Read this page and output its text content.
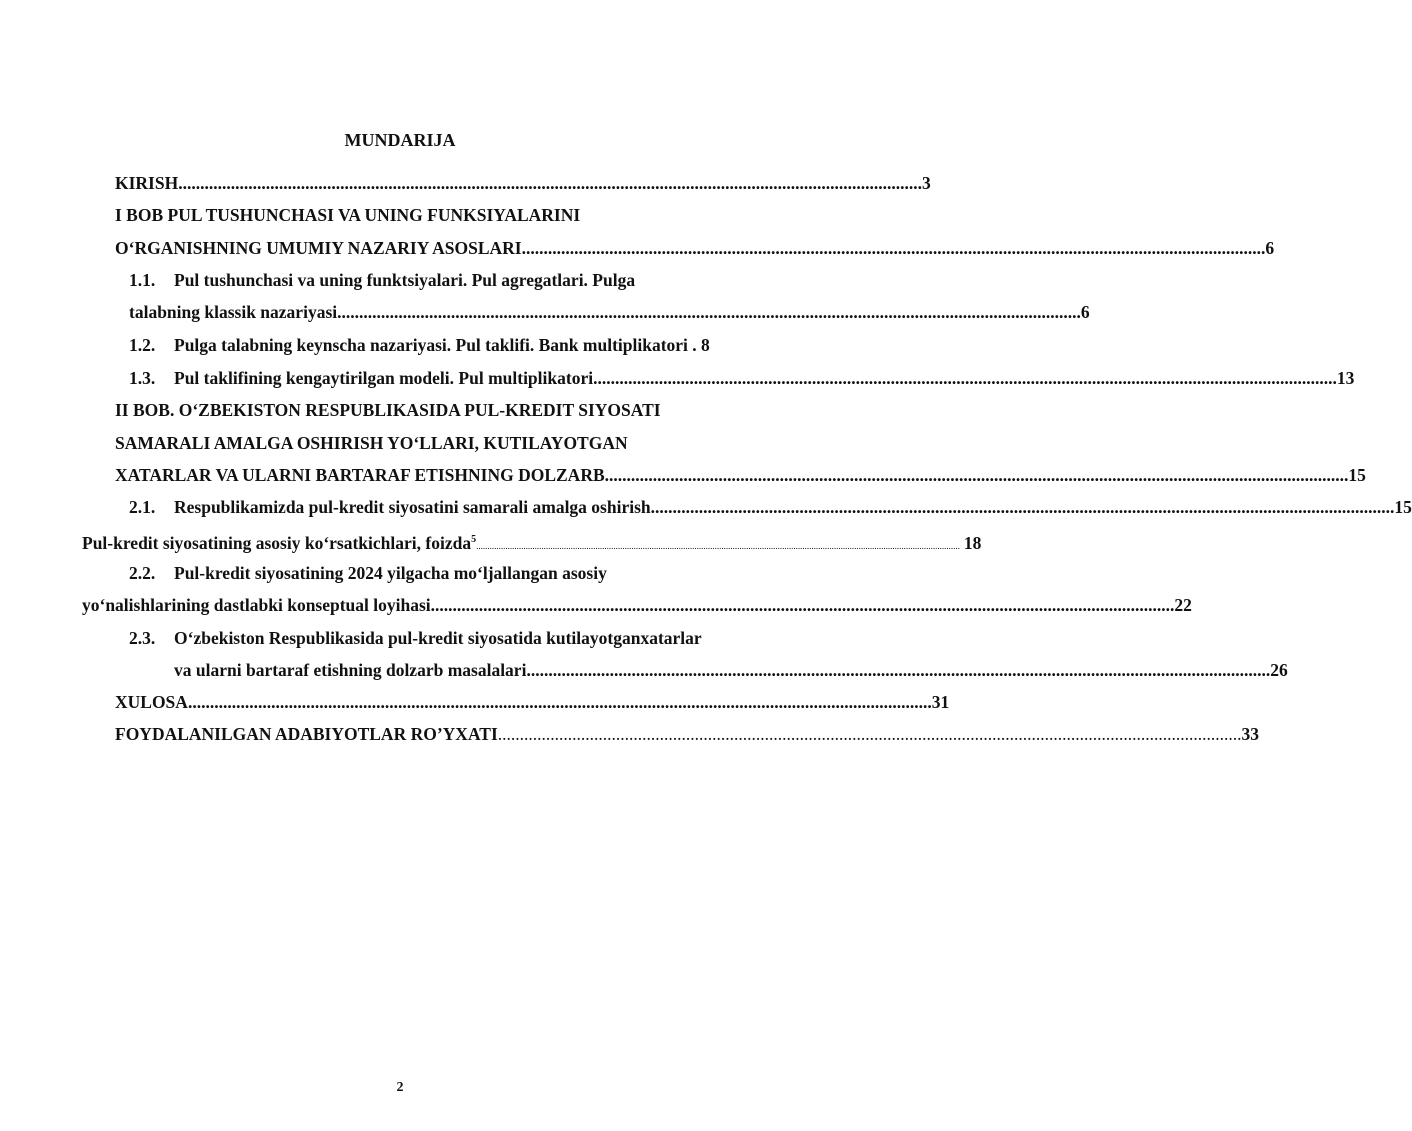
MUNDARIJA
KIRISH .......................................................................................................................................................................... 3
I BOB PUL TUSHUNCHASI VA UNING FUNKSIYALARINI
O‘RGANISHNING UMUMIY NAZARIY ASOSLARI .......................................................................................................................................................................... 6
1.1. Pul tushunchasi va uning funktsiyalari. Pul agregatlari. Pulga
talabning klassik nazariyasi .......................................................................................................................................................................... 6
1.2. Pulga talabning keynscha nazariyasi. Pul taklifi. Bank multiplikatori . 8
1.3. Pul taklifining kengaytirilgan modeli. Pul multiplikatori .......................................................................................................................................................................... 13
II BOB. O‘ZBEKISTON RESPUBLIKASIDA PUL-KREDIT SIYOSATI
SAMARALI AMALGA OSHIRISH YO‘LLARI, KUTILAYOTGAN
XATARLAR VA ULARNI BARTARAF ETISHNING DOLZARB .......................................................................................................................................................................... 15
2.1. Respublikamizda pul-kredit siyosatini samarali amalga oshirish .......................................................................................................................................................................... 15
Pul-kredit siyosatining asosiy ko‘rsatkichlari, foizda$^5$
....................................................................................................................................................................................................................... 18
2.2. Pul-kredit siyosatining 2024 yilgacha mo‘ljallangan asosiy
yo‘nalishlarining dastlabki konseptual loyihasi .......................................................................................................................................................................... 22
2.3. O‘zbekiston Respublikasida pul-kredit siyosatida kutilayotganxatarlar
va ularni bartaraf etishning dolzarb masalalari .......................................................................................................................................................................... 26
XULOSA .......................................................................................................................................................................... 31
FOYDALANILGAN ADABIYOTLAR RO’YXATI .......................................................................................................................................................................... 33
2
